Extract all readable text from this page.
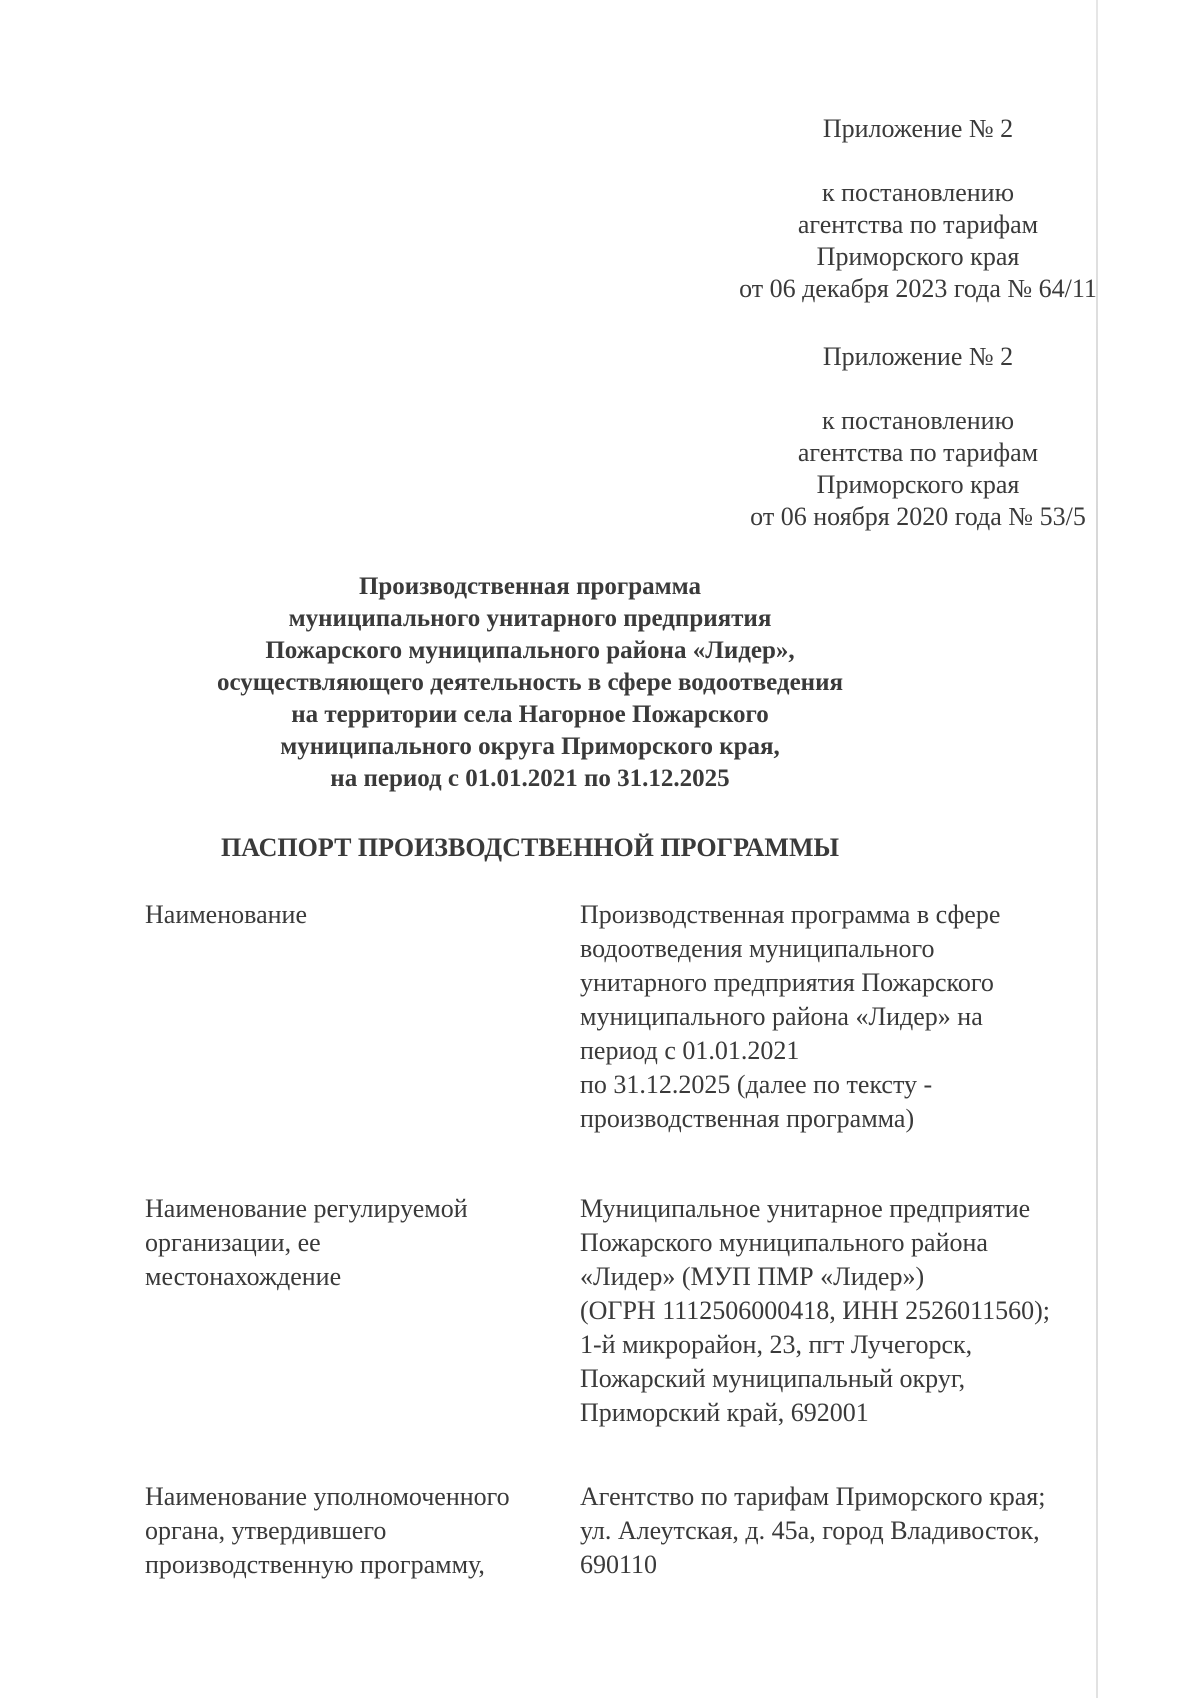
Приложение № 2
к постановлению
агентства по тарифам
Приморского края
от 06 декабря 2023 года № 64/11
Приложение № 2
к постановлению
агентства по тарифам
Приморского края
от 06 ноября 2020 года № 53/5
Производственная программа
муниципального унитарного предприятия
Пожарского муниципального района «Лидер»,
осуществляющего деятельность в сфере водоотведения
на территории села Нагорное Пожарского
муниципального округа Приморского края,
на период с 01.01.2021 по 31.12.2025
ПАСПОРТ ПРОИЗВОДСТВЕННОЙ ПРОГРАММЫ
Наименование	Производственная программа в сфере
водоотведения муниципального
унитарного предприятия Пожарского
муниципального района «Лидер» на
период с 01.01.2021
по 31.12.2025 (далее по тексту -
производственная программа)
Наименование регулируемой
организации, ее
местонахождение
Муниципальное унитарное предприятие
Пожарского муниципального района
«Лидер» (МУП ПМР «Лидер»)
(ОГРН 1112506000418, ИНН 2526011560);
1-й микрорайон, 23, пгт Лучегорск,
Пожарский муниципальный округ,
Приморский край, 692001
Наименование уполномоченного
органа, утвердившего
производственную программу,
Агентство по тарифам Приморского края;
ул. Алеутская, д. 45а, город Владивосток,
690110
